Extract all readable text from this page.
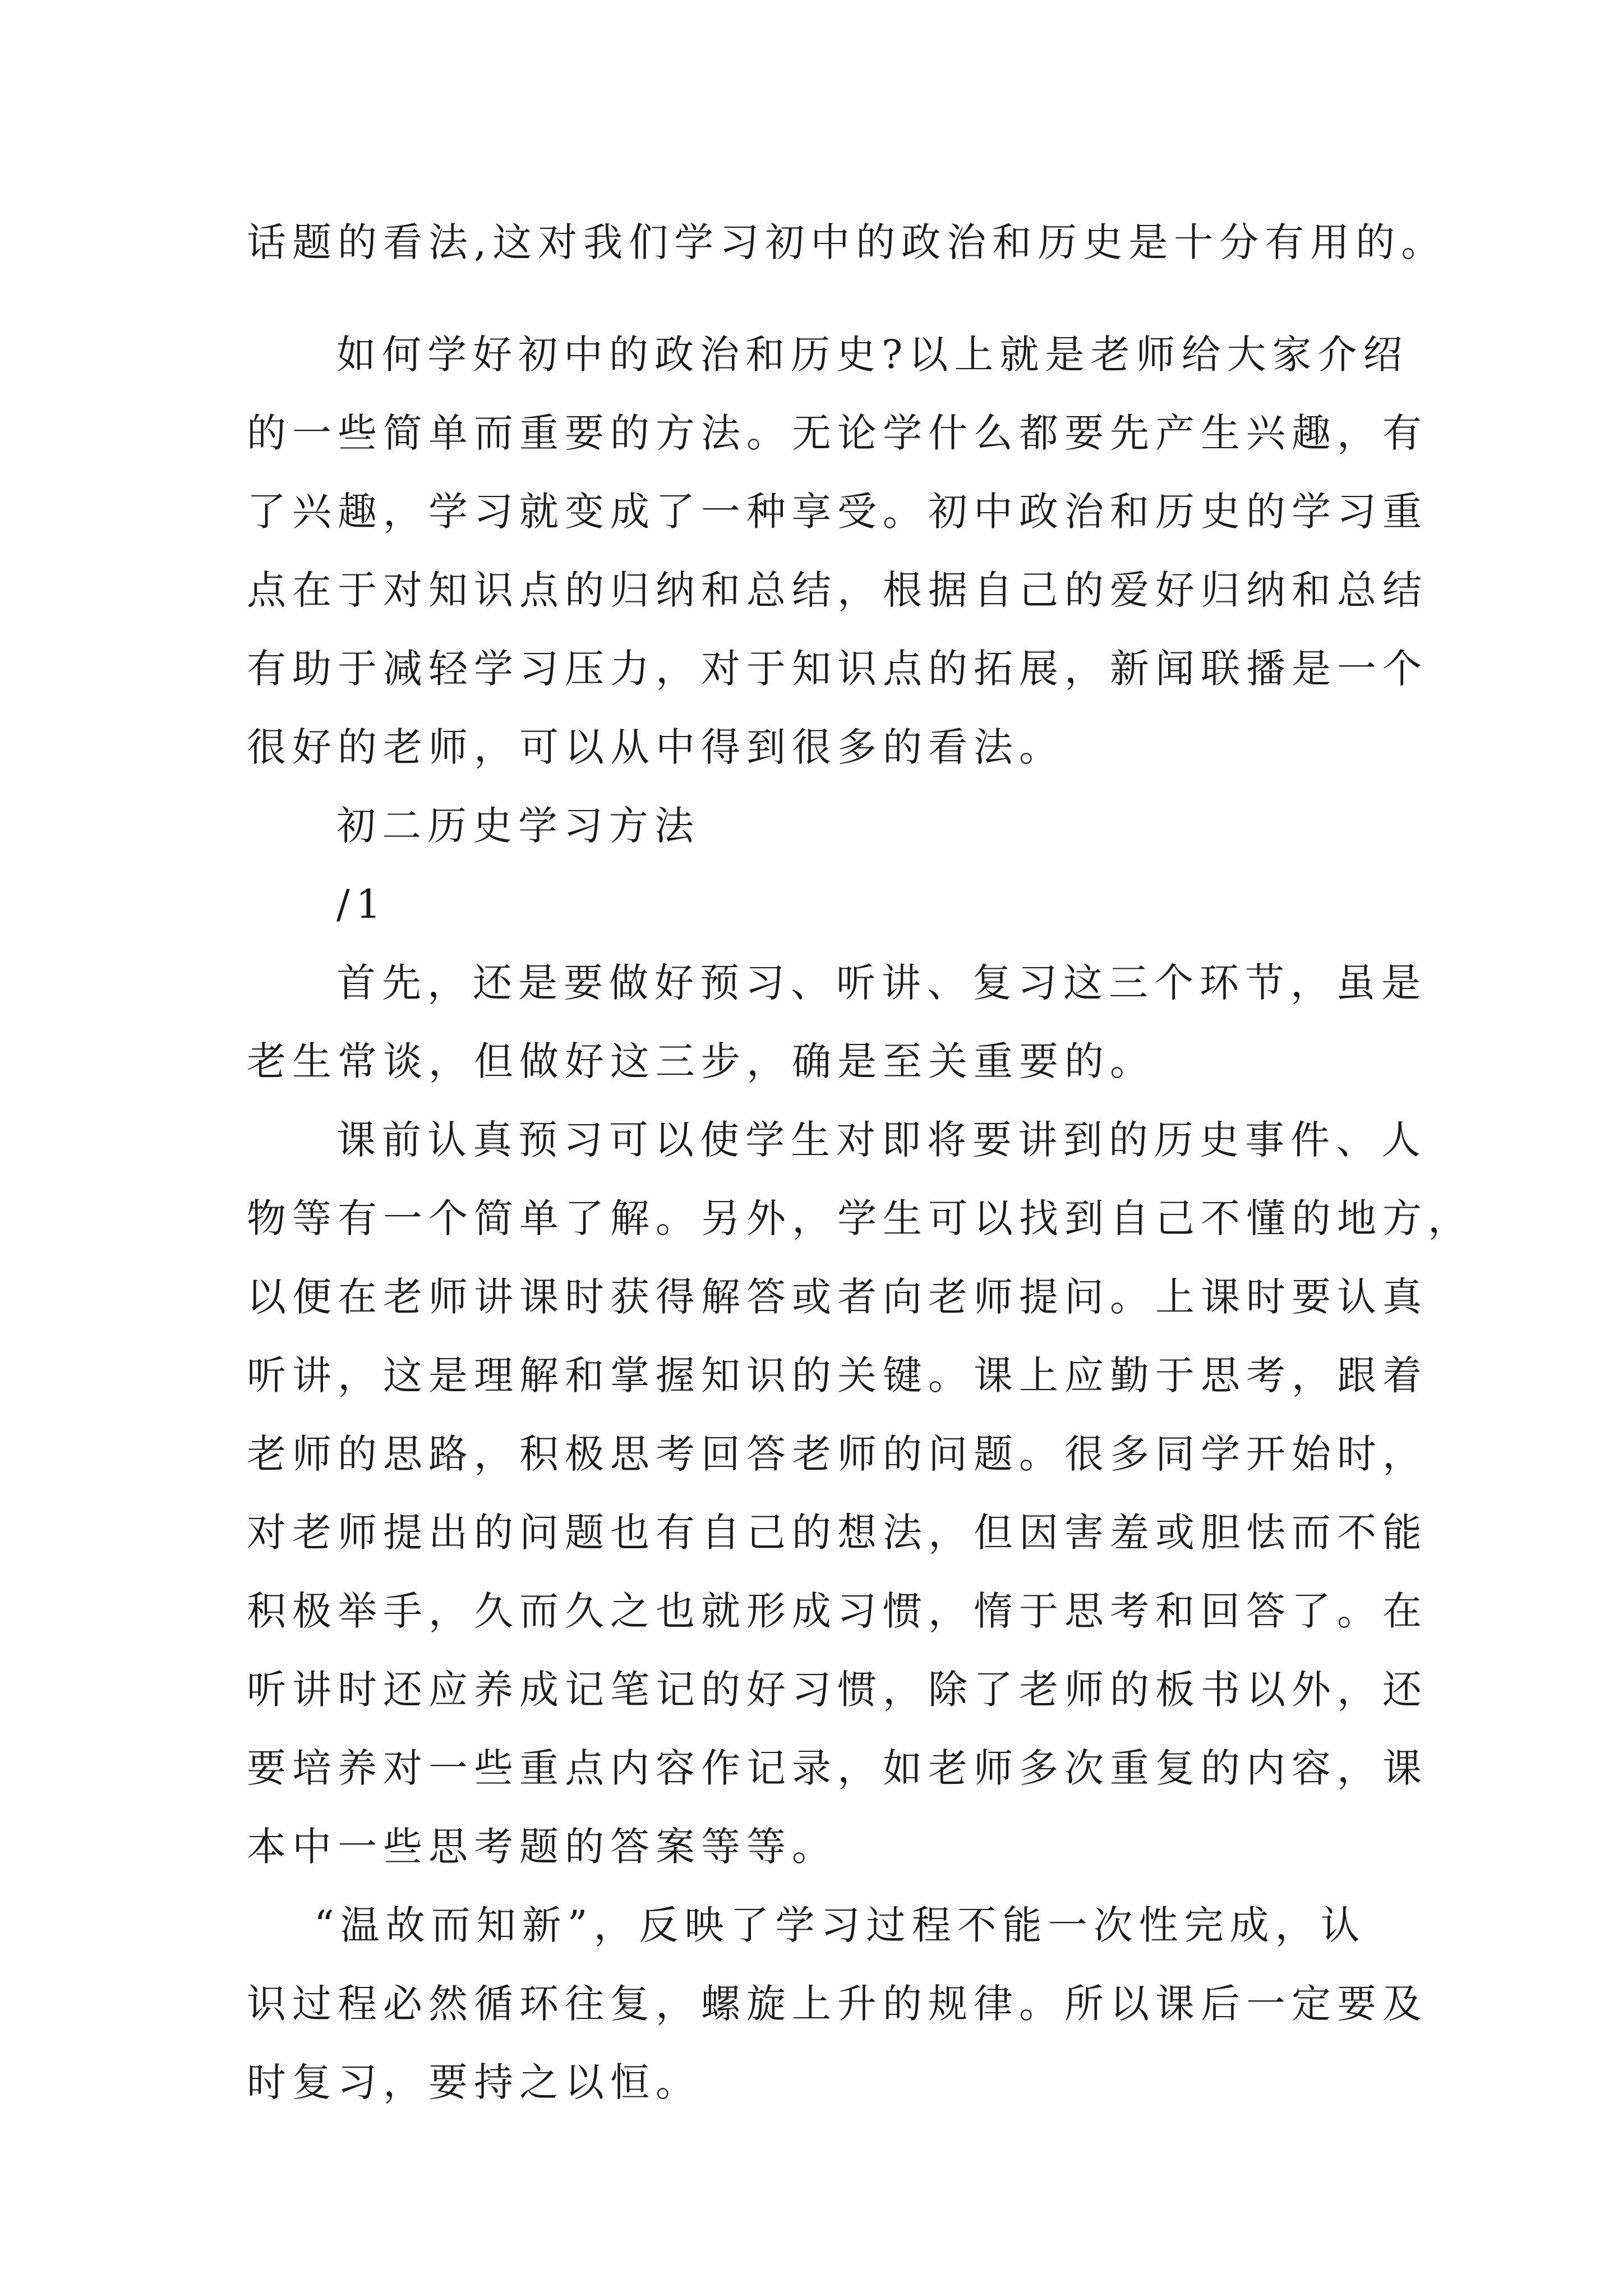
话题的看法,这对我们学习初中的政治和历史是十分有用的。
如何学好初中的政治和历史?以上就是老师给大家介绍
的一些简单而重要的方法。无论学什么都要先产生兴趣，有
了兴趣，学习就变成了一种享受。初中政治和历史的学习重
点在于对知识点的归纳和总结，根据自己的爱好归纳和总结
有助于减轻学习压力，对于知识点的拓展，新闻联播是一个
很好的老师，可以从中得到很多的看法。
初二历史学习方法
/1
首先，还是要做好预习、听讲、复习这三个环节，虽是
老生常谈，但做好这三步，确是至关重要的。
课前认真预习可以使学生对即将要讲到的历史事件、人
物等有一个简单了解。另外，学生可以找到自己不懂的地方，
以便在老师讲课时获得解答或者向老师提问。上课时要认真
听讲，这是理解和掌握知识的关键。课上应勤于思考，跟着
老师的思路，积极思考回答老师的问题。很多同学开始时，
对老师提出的问题也有自己的想法，但因害羞或胆怯而不能
积极举手，久而久之也就形成习惯，惰于思考和回答了。在
听讲时还应养成记笔记的好习惯，除了老师的板书以外，还
要培养对一些重点内容作记录，如老师多次重复的内容，课
本中一些思考题的答案等等。
“温故而知新”，反映了学习过程不能一次性完成，认
识过程必然循环往复，螺旋上升的规律。所以课后一定要及
时复习，要持之以恒。
